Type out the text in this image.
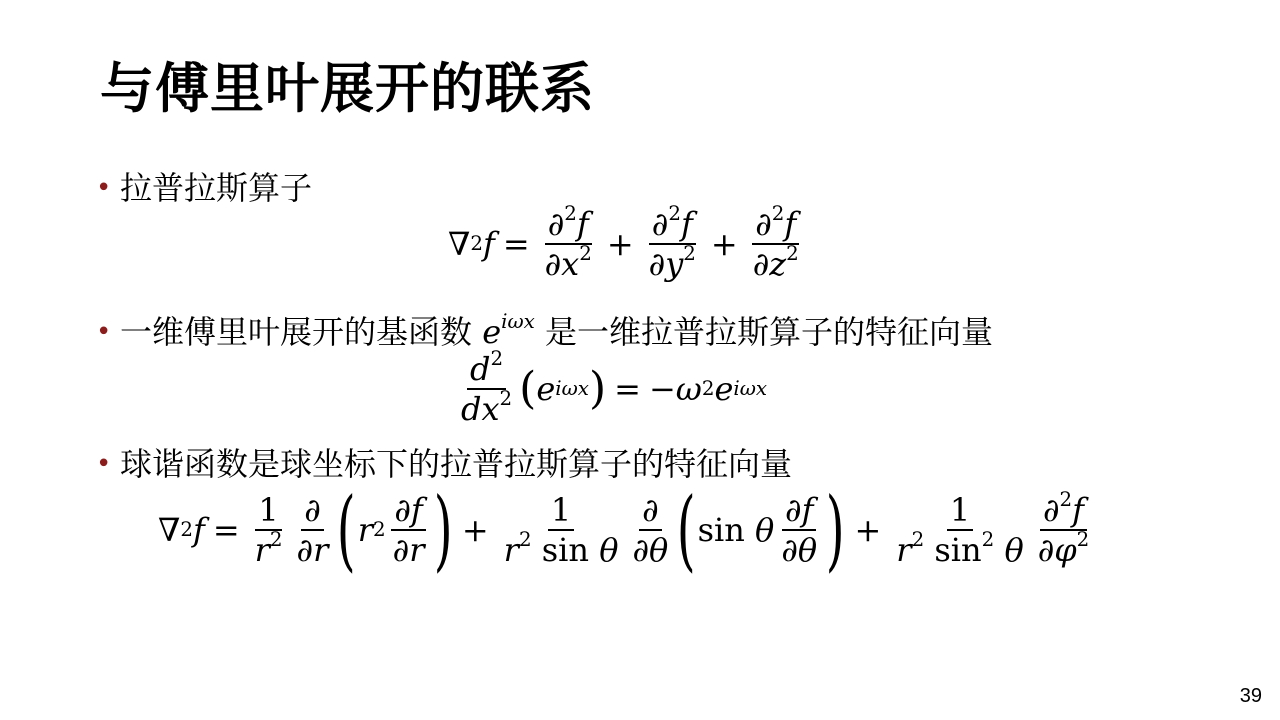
与傅里叶展开的联系
• 拉普拉斯算子
∇ 2 $f = \frac{\partial^2f}{\partial x^2} + \frac{\partial^2f}{\partial y^2} + \frac{\partial^2f}{\partial z^2}$
• 一维傅里叶展开的基函数 $e^{i\omega x}$ 是一维拉普拉斯算子的特征向量
$\frac{d^2}{dx^2}$ ( e iωx ) = −ω 2 e iωx
• 球谐函数是球坐标下的拉普拉斯算子的特征向量
∇ 2 $f = \frac{1}{r^2} \frac{\partial}{\partial r}$ ( r $2 \frac{\partial f}{\partial r}$ ) + $\frac{1}{r^2 \sin \theta} \frac{\partial}{\partial\theta}$ ( sin
θ $\frac{\partial f}{\partial\theta}$ ) + $\frac{1}{r^2 \sin^2 \theta} \frac{\partial^2f}{\partial\varphi^2}$
39
